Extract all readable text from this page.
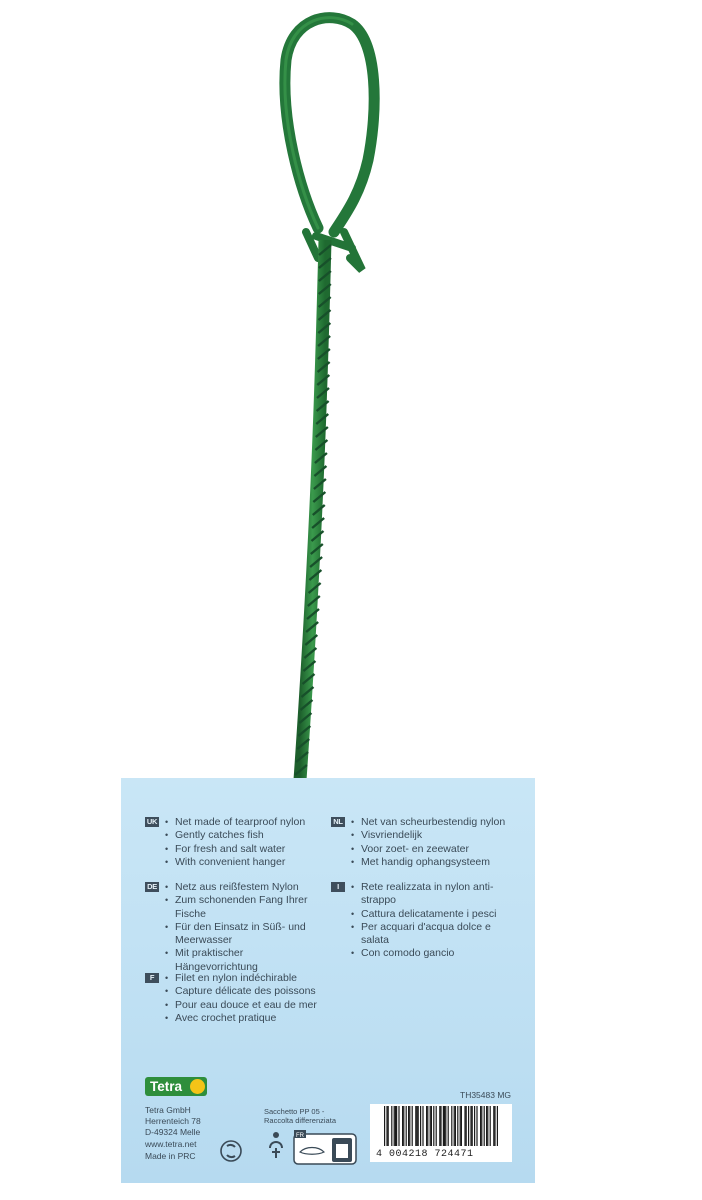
UK	• Net made of tearproof nylon
• Gently catches fish
• For fresh and salt water
• With convenient hanger
DE	• Netz aus reißfestem Nylon
• Zum schonenden Fang Ihrer Fische
• Für den Einsatz in Süß- und Meerwasser
• Mit praktischer Hängevorrichtung
F	• Filet en nylon indéchirable
• Capture délicate des poissons
• Pour eau douce et eau de mer
• Avec crochet pratique
NL	• Net van scheurbestendig nylon
• Visvriendelijk
• Voor zoet- en zeewater
• Met handig ophangsysteem
I	• Rete realizzata in nylon anti-strappo
• Cattura delicatamente i pesci
• Per acquari d'acqua dolce e salata
• Con comodo gancio
Tetra
Tetra GmbH
Herrenteich 78
D-49324 Melle
www.tetra.net
Made in PRC
Sacchetto PP 05 -
Raccolta differenziata
FR
TH35483 MG
4 004218 724471
